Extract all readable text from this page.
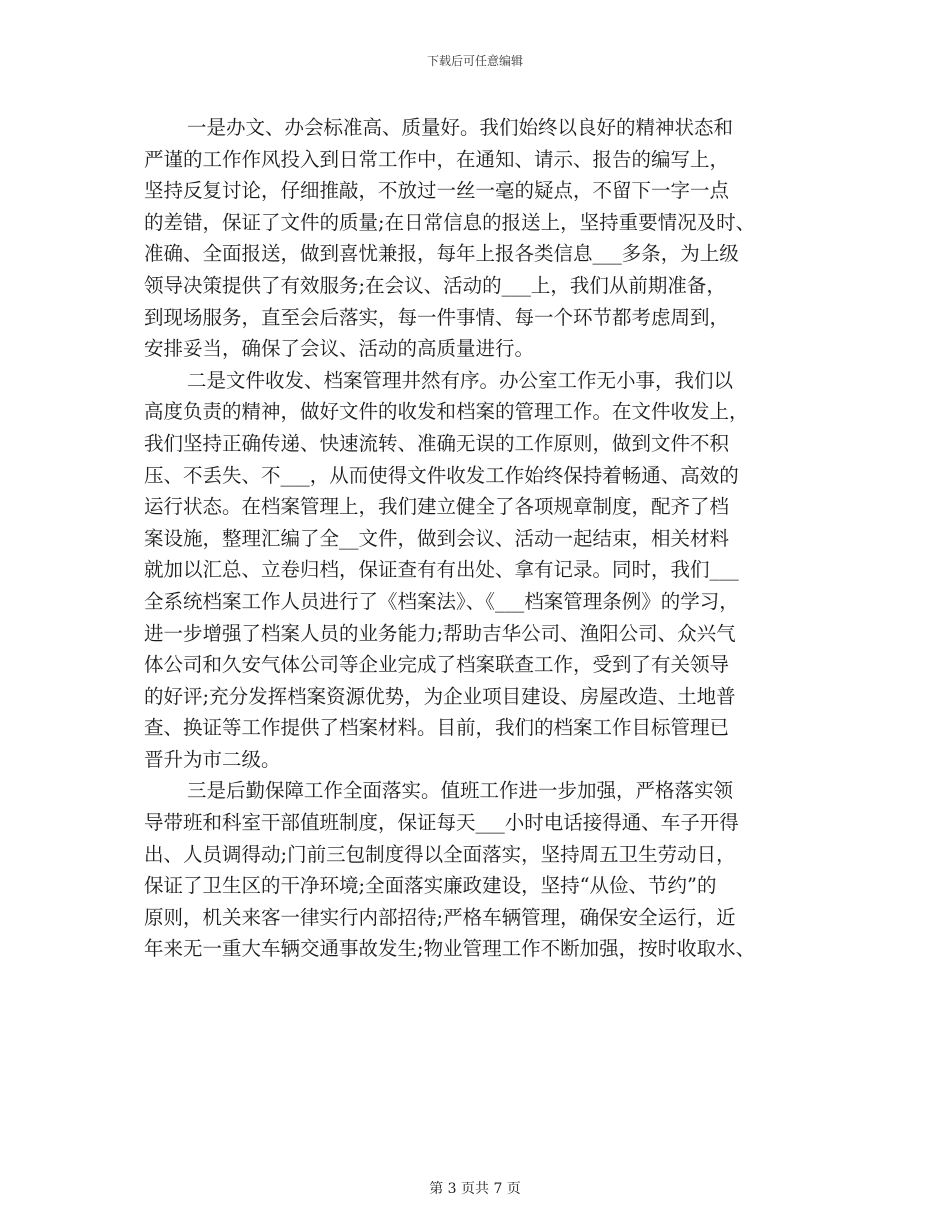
下载后可任意编辑
一是办文、办会标准高、质量好。我们始终以良好的精神状态和
严谨的工作作风投入到日常工作中，在通知、请示、报告的编写上，
坚持反复讨论，仔细推敲，不放过一丝一毫的疑点，不留下一字一点
的差错，保证了文件的质量;在日常信息的报送上，坚持重要情况及时、
准确、全面报送，做到喜忧兼报，每年上报各类信息___多条，为上级
领导决策提供了有效服务;在会议、活动的___上，我们从前期准备，
到现场服务，直至会后落实，每一件事情、每一个环节都考虑周到，
安排妥当，确保了会议、活动的高质量进行。
二是文件收发、档案管理井然有序。办公室工作无小事，我们以
高度负责的精神，做好文件的收发和档案的管理工作。在文件收发上，
我们坚持正确传递、快速流转、准确无误的工作原则，做到文件不积
压、不丢失、不___，从而使得文件收发工作始终保持着畅通、高效的
运行状态。在档案管理上，我们建立健全了各项规章制度，配齐了档
案设施，整理汇编了全__文件，做到会议、活动一起结束，相关材料
就加以汇总、立卷归档，保证查有有出处、拿有记录。同时，我们___
全系统档案工作人员进行了《档案法》、《___档案管理条例》的学习，
进一步增强了档案人员的业务能力;帮助吉华公司、渔阳公司、众兴气
体公司和久安气体公司等企业完成了档案联查工作，受到了有关领导
的好评;充分发挥档案资源优势，为企业项目建设、房屋改造、土地普
查、换证等工作提供了档案材料。目前，我们的档案工作目标管理已
晋升为市二级。
三是后勤保障工作全面落实。值班工作进一步加强，严格落实领
导带班和科室干部值班制度，保证每天___小时电话接得通、车子开得
出、人员调得动;门前三包制度得以全面落实，坚持周五卫生劳动日，
保证了卫生区的干净环境;全面落实廉政建设，坚持“从俭、节约”的
原则，机关来客一律实行内部招待;严格车辆管理，确保安全运行，近
年来无一重大车辆交通事故发生;物业管理工作不断加强，按时收取水、
第 3 页共 7 页
